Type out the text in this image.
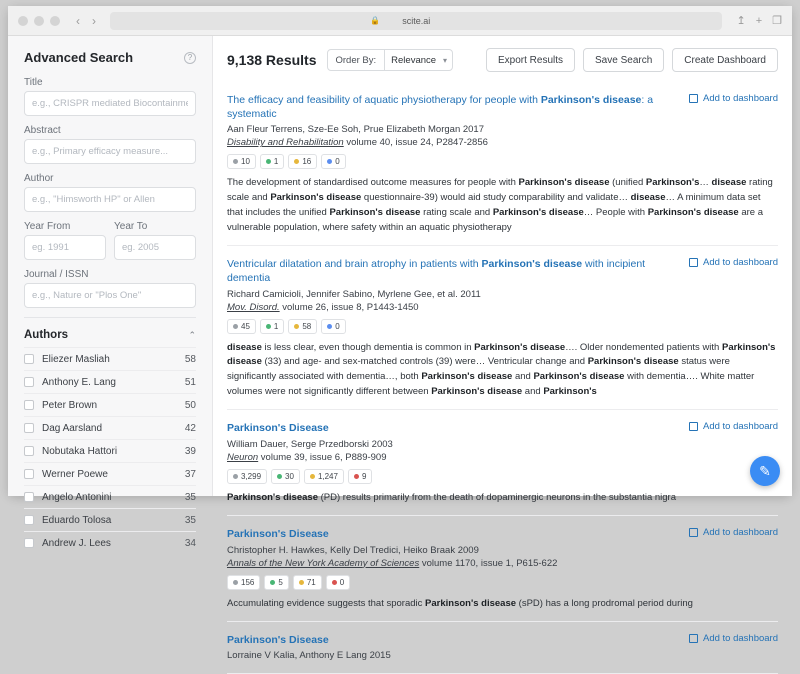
‹ ›	🔒 scite.ai	↥ + ❐
Advanced Search	?
Title
e.g., CRISPR mediated Biocontainment
Abstract
e.g., Primary efficacy measure...
Author
e.g., "Himsworth HP" or Allen
Year From
eg. 1991	Year To
eg. 2005
Journal / ISSN
e.g., Nature or "Plos One"
Authors	⌃
Eliezer Masliah	58
Anthony E. Lang	51
Peter Brown	50
Dag Aarsland	42
Nobutaka Hattori	39
Werner Poewe	37
Angelo Antonini	35
Eduardo Tolosa	35
Andrew J. Lees	34
9,138 Results	Order By:	Relevance ▾	Export Results	Save Search	Create Dashboard
The efficacy and feasibility of aquatic physiotherapy for people with Parkinson's disease: a systematic
Add to dashboard
Aan Fleur Terrens, Sze-Ee Soh, Prue Elizabeth Morgan 2017
Disability and Rehabilitation volume 40, issue 24, P2847-2856
10	1	16	0
The development of standardised outcome measures for people with Parkinson's disease (unified Parkinson's… disease rating scale and Parkinson's disease questionnaire-39) would aid study comparability and validate… disease… A minimum data set that includes the unified Parkinson's disease rating scale and Parkinson's disease… People with Parkinson's disease are a vulnerable population, where safety within an aquatic physiotherapy
Ventricular dilatation and brain atrophy in patients with Parkinson's disease with incipient dementia
Add to dashboard
Richard Camicioli, Jennifer Sabino, Myrlene Gee, et al. 2011
Mov. Disord. volume 26, issue 8, P1443-1450
45	1	58	0
disease is less clear, even though dementia is common in Parkinson's disease…. Older nondemented patients with Parkinson's disease (33) and age- and sex-matched controls (39) were… Ventricular change and Parkinson's disease status were significantly associated with dementia…, both Parkinson's disease and Parkinson's disease with dementia…. White matter volumes were not significantly different between Parkinson's disease and Parkinson's
Parkinson's Disease	Add to dashboard
William Dauer, Serge Przedborski 2003
Neuron volume 39, issue 6, P889-909
3,299	30	1,247	9
Parkinson's disease (PD) results primarily from the death of dopaminergic neurons in the substantia nigra
Parkinson's Disease	Add to dashboard
Christopher H. Hawkes, Kelly Del Tredici, Heiko Braak 2009
Annals of the New York Academy of Sciences volume 1170, issue 1, P615-622
156	5	71	0
Accumulating evidence suggests that sporadic Parkinson's disease (sPD) has a long prodromal period during
Parkinson's Disease	Add to dashboard
Lorraine V Kalia, Anthony E Lang 2015
✎
